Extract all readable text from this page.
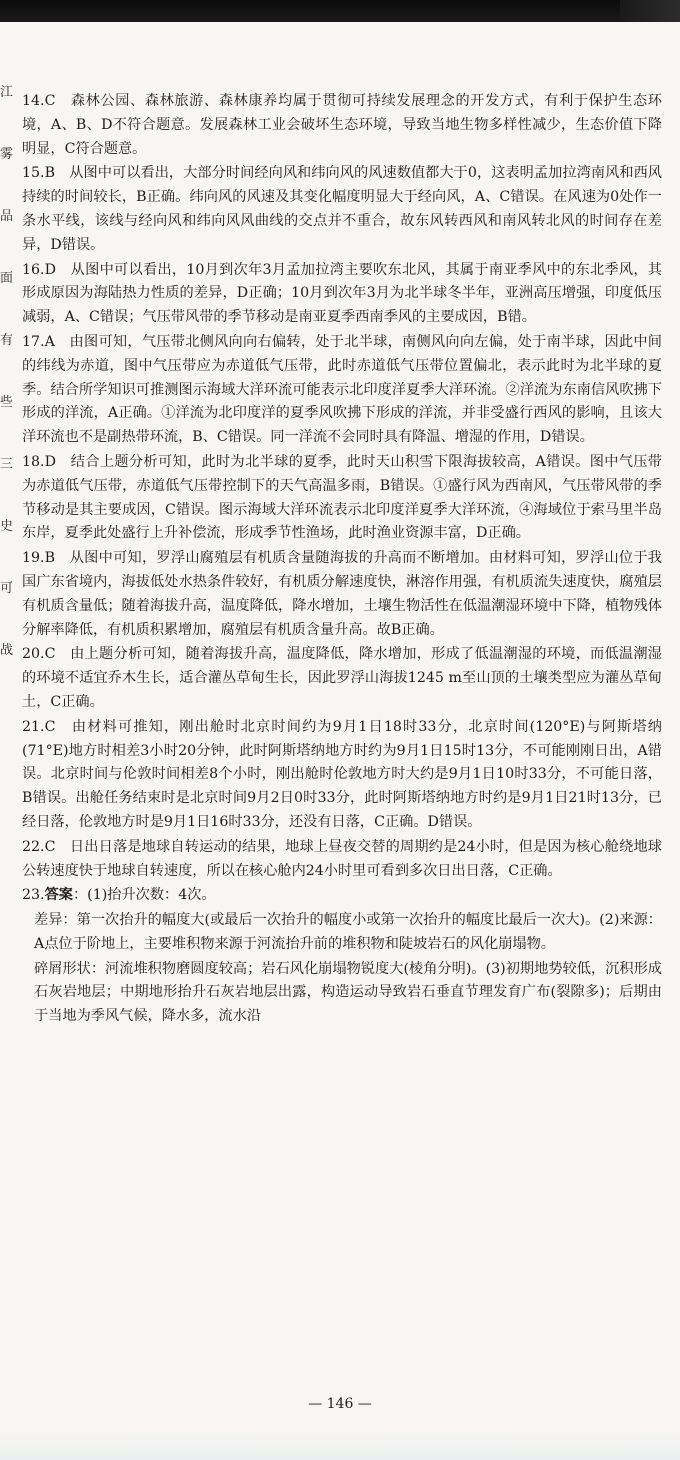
江
雾
品
面
有
些
三
史
可
战

14.C　森林公园、森林旅游、森林康养均属于贯彻可持续发展理念的开发方式，有利于保护生态环境，A、B、D不符合题意。发展森林工业会破坏生态环境，导致当地生物多样性减少，生态价值下降明显，C符合题意。

15.B　从图中可以看出，大部分时间经向风和纬向风的风速数值都大于0，这表明孟加拉湾南风和西风持续的时间较长，B正确。纬向风的风速及其变化幅度明显大于经向风，A、C错误。在风速为0处作一条水平线，该线与经向风和纬向风风曲线的交点并不重合，故东风转西风和南风转北风的时间存在差异，D错误。

16.D　从图中可以看出，10月到次年3月孟加拉湾主要吹东北风，其属于南亚季风中的东北季风，其形成原因为海陆热力性质的差异，D正确；10月到次年3月为北半球冬半年，亚洲高压增强，印度低压减弱，A、C错误；气压带风带的季节移动是南亚夏季西南季风的主要成因，B错。

17.A　由图可知，气压带北侧风向向右偏转，处于北半球，南侧风向向左偏，处于南半球，因此中间的纬线为赤道，图中气压带应为赤道低气压带，此时赤道低气压带位置偏北，表示此时为北半球的夏季。结合所学知识可推测图示海域大洋环流可能表示北印度洋夏季大洋环流。②洋流为东南信风吹拂下形成的洋流，A正确。①洋流为北印度洋的夏季风吹拂下形成的洋流，并非受盛行西风的影响，且该大洋环流也不是副热带环流，B、C错误。同一洋流不会同时具有降温、增湿的作用，D错误。

18.D　结合上题分析可知，此时为北半球的夏季，此时天山积雪下限海拔较高，A错误。图中气压带为赤道低气压带，赤道低气压带控制下的天气高温多雨，B错误。①盛行风为西南风，气压带风带的季节移动是其主要成因，C错误。图示海域大洋环流表示北印度洋夏季大洋环流，④海域位于索马里半岛东岸，夏季此处盛行上升补偿流，形成季节性渔场，此时渔业资源丰富，D正确。

19.B　从图中可知，罗浮山腐殖层有机质含量随海拔的升高而不断增加。由材料可知，罗浮山位于我国广东省境内，海拔低处水热条件较好，有机质分解速度快，淋溶作用强，有机质流失速度快，腐殖层有机质含量低；随着海拔升高，温度降低，降水增加，土壤生物活性在低温潮湿环境中下降，植物残体分解率降低，有机质积累增加，腐殖层有机质含量升高。故B正确。

20.C　由上题分析可知，随着海拔升高，温度降低，降水增加，形成了低温潮湿的环境，而低温潮湿的环境不适宜乔木生长，适合灌丛草甸生长，因此罗浮山海拔1245 m至山顶的土壤类型应为灌丛草甸土，C正确。

21.C　由材料可推知，刚出舱时北京时间约为9月1日18时33分，北京时间(120°E)与阿斯塔纳(71°E)地方时相差3小时20分钟，此时阿斯塔纳地方时约为9月1日15时13分，不可能刚刚日出，A错误。北京时间与伦敦时间相差8个小时，刚出舱时伦敦地方时大约是9月1日10时33分，不可能日落，B错误。出舱任务结束时是北京时间9月2日0时33分，此时阿斯塔纳地方时约是9月1日21时13分，已经日落，伦敦地方时是9月1日16时33分，还没有日落，C正确。D错误。

22.C　日出日落是地球自转运动的结果，地球上昼夜交替的周期约是24小时，但是因为核心舱绕地球公转速度快于地球自转速度，所以在核心舱内24小时里可看到多次日出日落，C正确。

23.答案：(1)抬升次数：4次。

差异：第一次抬升的幅度大(或最后一次抬升的幅度小或第一次抬升的幅度比最后一次大)。(2)来源：A点位于阶地上，主要堆积物来源于河流抬升前的堆积物和陡坡岩石的风化崩塌物。

碎屑形状：河流堆积物磨圆度较高；岩石风化崩塌物锐度大(棱角分明)。(3)初期地势较低，沉积形成石灰岩地层；中期地形抬升石灰岩地层出露，构造运动导致岩石垂直节理发育广布(裂隙多)；后期由于当地为季风气候，降水多，流水沿

— 146 —
